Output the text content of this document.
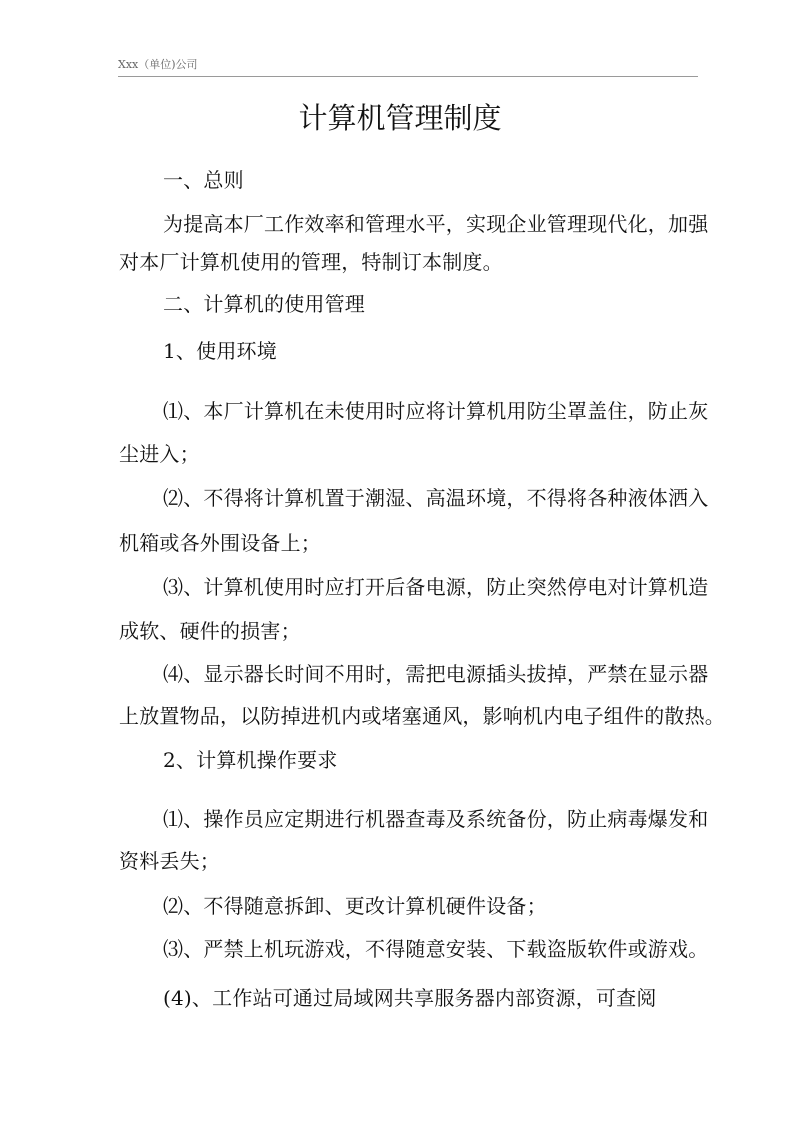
Xxx（单位)公司
计算机管理制度
一、总则
为提高本厂工作效率和管理水平，实现企业管理现代化，加强
对本厂计算机使用的管理，特制订本制度。
二、计算机的使用管理
1、使用环境
⑴、本厂计算机在未使用时应将计算机用防尘罩盖住，防止灰
尘进入；
⑵、不得将计算机置于潮湿、高温环境，不得将各种液体洒入
机箱或各外围设备上；
⑶、计算机使用时应打开后备电源，防止突然停电对计算机造
成软、硬件的损害；
⑷、显示器长时间不用时，需把电源插头拔掉，严禁在显示器
上放置物品，以防掉进机内或堵塞通风，影响机内电子组件的散热。
2、计算机操作要求
⑴、操作员应定期进行机器查毒及系统备份，防止病毒爆发和
资料丢失；
⑵、不得随意拆卸、更改计算机硬件设备；
⑶、严禁上机玩游戏，不得随意安装、下载盗版软件或游戏。
(4)、工作站可通过局域网共享服务器内部资源，可查阅
